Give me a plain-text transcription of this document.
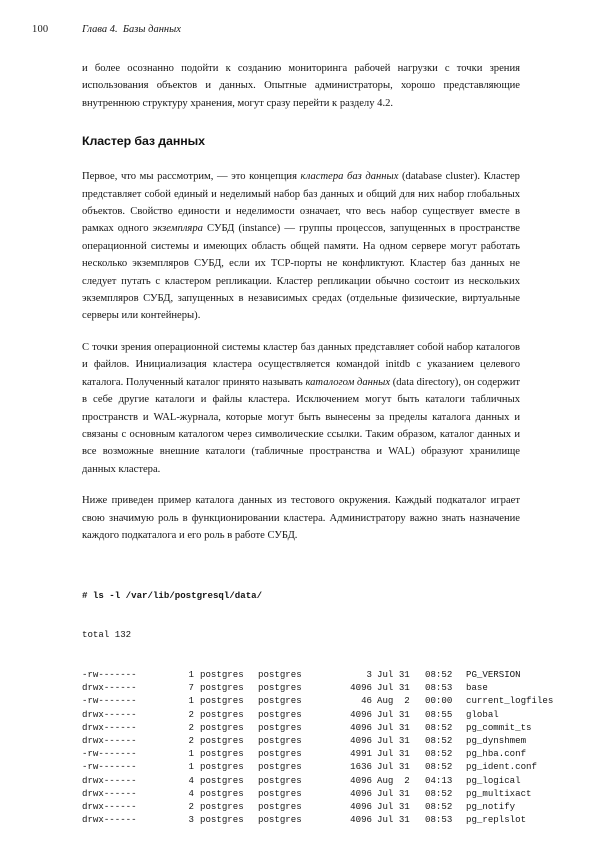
100	Глава 4.  Базы данных

и более осознанно подойти к созданию мониторинга рабочей нагрузки с точки зрения использования объектов и данных. Опытные администраторы, хорошо представляющие внутреннюю структуру хранения, могут сразу перейти к разделу 4.2.

Кластер баз данных

Первое, что мы рассмотрим, — это концепция кластера баз данных (database cluster). Кластер представляет собой единый и неделимый набор баз данных и общий для них набор глобальных объектов. Свойство единости и неделимости означает, что весь набор существует вместе в рамках одного экземпляра СУБД (instance) — группы процессов, запущенных в пространстве операционной системы и имеющих область общей памяти. На одном сервере могут работать несколько экземпляров СУБД, если их TCP-порты не конфликтуют. Кластер баз данных не следует путать с кластером репликации. Кластер репликации обычно состоит из нескольких экземпляров СУБД, запущенных в независимых средах (отдельные физические, виртуальные серверы или контейнеры).

С точки зрения операционной системы кластер баз данных представляет собой набор каталогов и файлов. Инициализация кластера осуществляется командой initdb с указанием целевого каталога. Полученный каталог принято называть каталогом данных (data directory), он содержит в себе другие каталоги и файлы кластера. Исключением могут быть каталоги табличных пространств и WAL-журнала, которые могут быть вынесены за пределы каталога данных и связаны с основным каталогом через символические ссылки. Таким образом, каталог данных и все возможные внешние каталоги (табличные пространства и WAL) образуют хранилище данных кластера.

Ниже приведен пример каталога данных из тестового окружения. Каждый подкаталог играет свою значимую роль в функционировании кластера. Администратору важно знать назначение каждого подкаталога и его роль в работе СУБД.

# ls -l /var/lib/postgresql/data/

total 132

-rw-------	1 postgres postgres	3 Jul 31 08:52 PG_VERSION
drwx------	7 postgres postgres	4096 Jul 31 08:53 base
-rw-------	1 postgres postgres	46 Aug  2 00:00 current_logfiles
drwx------	2 postgres postgres	4096 Jul 31 08:55 global
drwx------	2 postgres postgres	4096 Jul 31 08:52 pg_commit_ts
drwx------	2 postgres postgres	4096 Jul 31 08:52 pg_dynshmem
-rw-------	1 postgres postgres	4991 Jul 31 08:52 pg_hba.conf
-rw-------	1 postgres postgres	1636 Jul 31 08:52 pg_ident.conf
drwx------	4 postgres postgres	4096 Aug  2 04:13 pg_logical
drwx------	4 postgres postgres	4096 Jul 31 08:52 pg_multixact
drwx------	2 postgres postgres	4096 Jul 31 08:52 pg_notify
drwx------	3 postgres postgres	4096 Jul 31 08:53 pg_replslot
